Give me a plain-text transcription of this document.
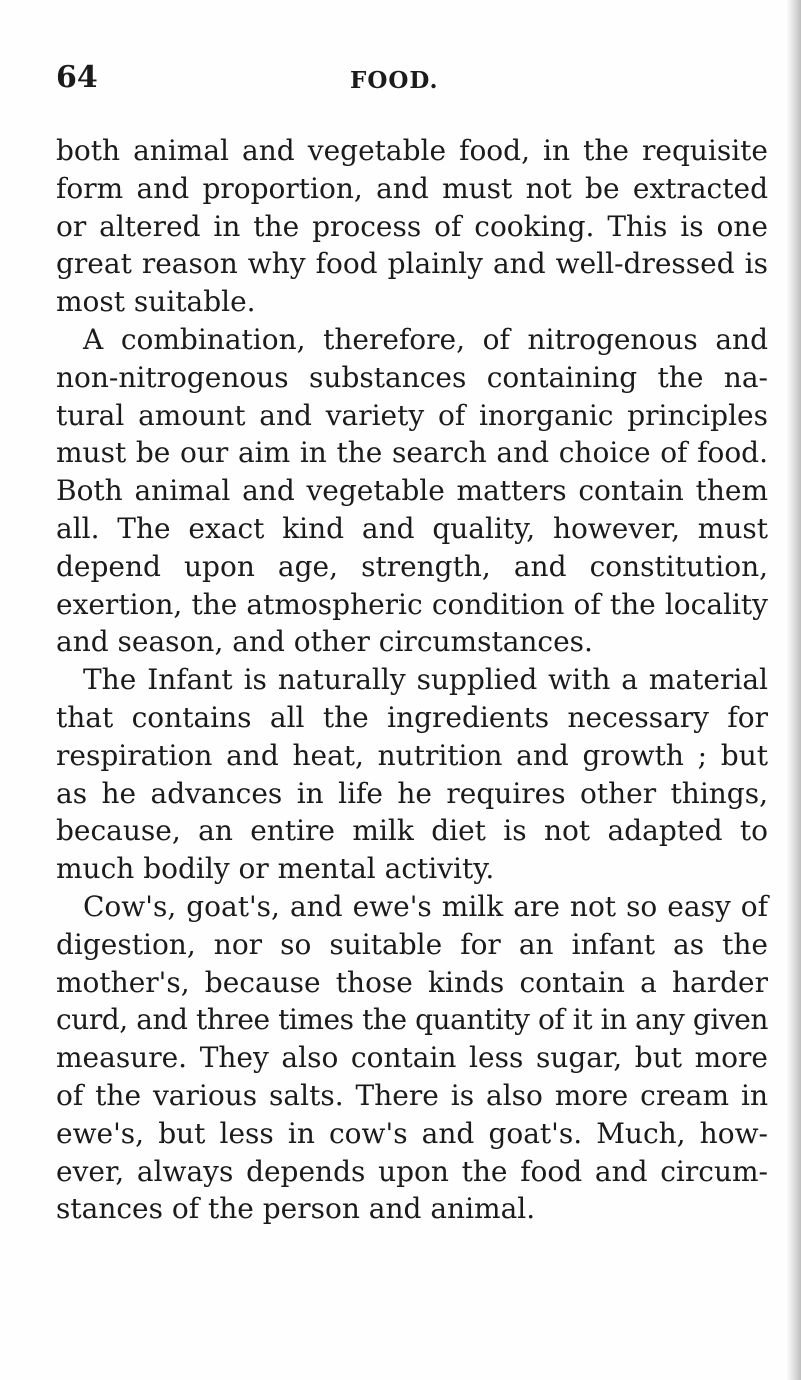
64	FOOD.
both animal and vegetable food, in the requisite
form and proportion, and must not be extracted
or altered in the process of cooking. This is one
great reason why food plainly and well-dressed is
most suitable.
A combination, therefore, of nitrogenous and
non-nitrogenous substances containing the na-
tural amount and variety of inorganic principles
must be our aim in the search and choice of food.
Both animal and vegetable matters contain them
all. The exact kind and quality, however, must
depend upon age, strength, and constitution,
exertion, the atmospheric condition of the locality
and season, and other circumstances.
The Infant is naturally supplied with a material
that contains all the ingredients necessary for
respiration and heat, nutrition and growth ; but
as he advances in life he requires other things,
because, an entire milk diet is not adapted to
much bodily or mental activity.
Cow's, goat's, and ewe's milk are not so easy of
digestion, nor so suitable for an infant as the
mother's, because those kinds contain a harder
curd, and three times the quantity of it in any given
measure. They also contain less sugar, but more
of the various salts. There is also more cream in
ewe's, but less in cow's and goat's. Much, how-
ever, always depends upon the food and circum-
stances of the person and animal.
